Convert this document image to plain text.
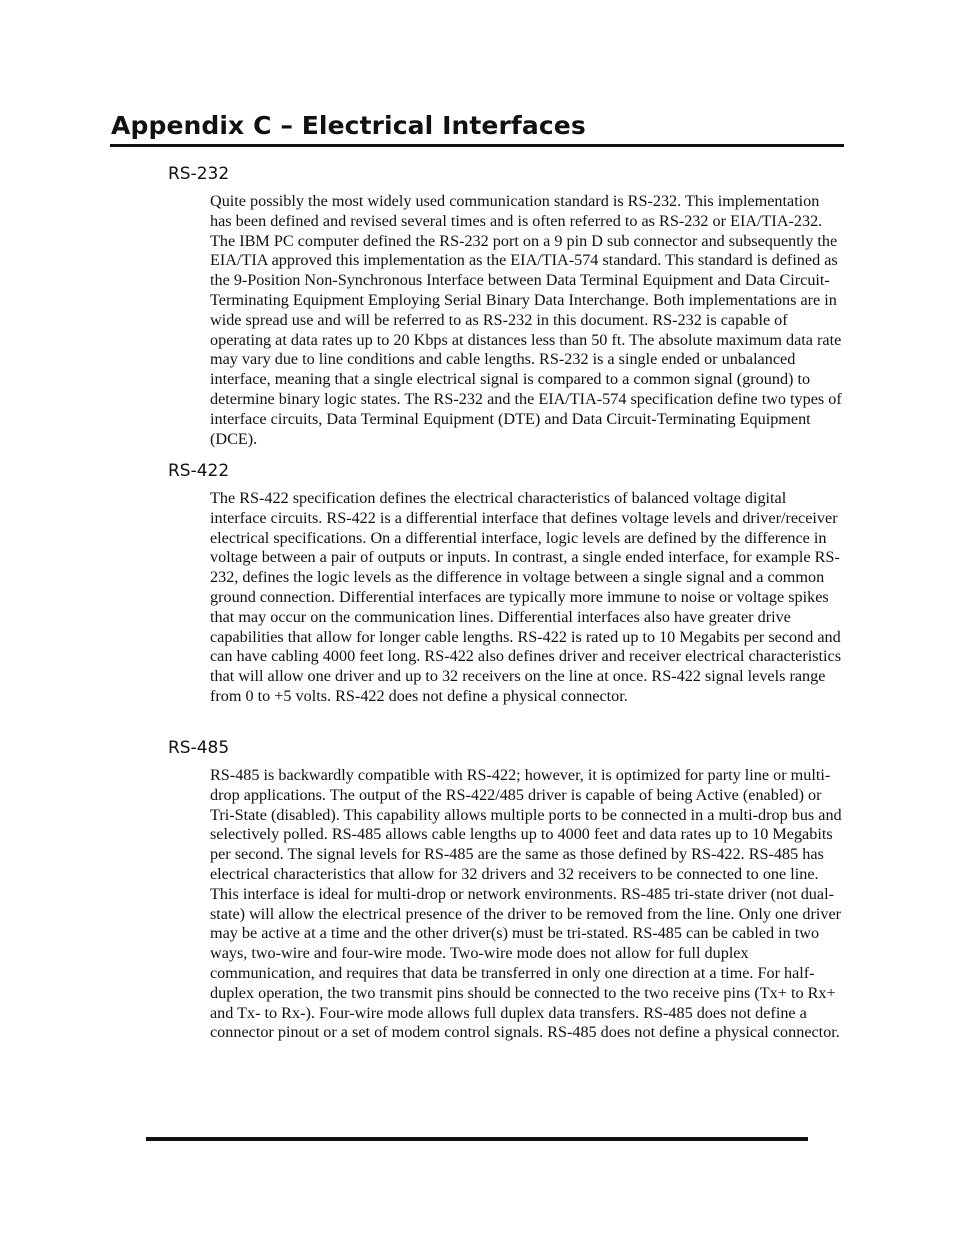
Appendix C – Electrical Interfaces
RS-232

Quite possibly the most widely used communication standard is RS-232. This implementation has been defined and revised several times and is often referred to as RS-232 or EIA/TIA-232. The IBM PC computer defined the RS-232 port on a 9 pin D sub connector and subsequently the EIA/TIA approved this implementation as the EIA/TIA-574 standard. This standard is defined as the 9-Position Non-Synchronous Interface between Data Terminal Equipment and Data Circuit-Terminating Equipment Employing Serial Binary Data Interchange. Both implementations are in wide spread use and will be referred to as RS-232 in this document. RS-232 is capable of operating at data rates up to 20 Kbps at distances less than 50 ft. The absolute maximum data rate may vary due to line conditions and cable lengths. RS-232 is a single ended or unbalanced interface, meaning that a single electrical signal is compared to a common signal (ground) to determine binary logic states. The RS-232 and the EIA/TIA-574 specification define two types of interface circuits, Data Terminal Equipment (DTE) and Data Circuit-Terminating Equipment (DCE).

RS-422

The RS-422 specification defines the electrical characteristics of balanced voltage digital interface circuits. RS-422 is a differential interface that defines voltage levels and driver/receiver electrical specifications. On a differential interface, logic levels are defined by the difference in voltage between a pair of outputs or inputs. In contrast, a single ended interface, for example RS-232, defines the logic levels as the difference in voltage between a single signal and a common ground connection. Differential interfaces are typically more immune to noise or voltage spikes that may occur on the communication lines. Differential interfaces also have greater drive capabilities that allow for longer cable lengths. RS-422 is rated up to 10 Megabits per second and can have cabling 4000 feet long. RS-422 also defines driver and receiver electrical characteristics that will allow one driver and up to 32 receivers on the line at once. RS-422 signal levels range from 0 to +5 volts. RS-422 does not define a physical connector.

RS-485

RS-485 is backwardly compatible with RS-422; however, it is optimized for party line or multi-drop applications. The output of the RS-422/485 driver is capable of being Active (enabled) or Tri-State (disabled). This capability allows multiple ports to be connected in a multi-drop bus and selectively polled. RS-485 allows cable lengths up to 4000 feet and data rates up to 10 Megabits per second. The signal levels for RS-485 are the same as those defined by RS-422. RS-485 has electrical characteristics that allow for 32 drivers and 32 receivers to be connected to one line. This interface is ideal for multi-drop or network environments. RS-485 tri-state driver (not dual-state) will allow the electrical presence of the driver to be removed from the line. Only one driver may be active at a time and the other driver(s) must be tri-stated. RS-485 can be cabled in two ways, two-wire and four-wire mode. Two-wire mode does not allow for full duplex communication, and requires that data be transferred in only one direction at a time. For half-duplex operation, the two transmit pins should be connected to the two receive pins (Tx+ to Rx+ and Tx- to Rx-). Four-wire mode allows full duplex data transfers. RS-485 does not define a connector pinout or a set of modem control signals. RS-485 does not define a physical connector.
